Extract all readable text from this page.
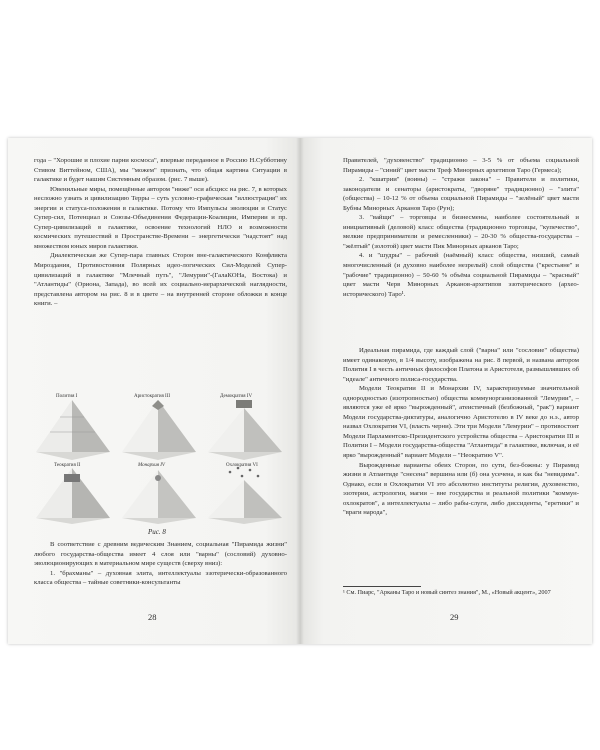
года – "Хорошие и плохие парни космоса", впервые переданное в Россию Н.Субботину Стивом Виттейном, США), мы "можем" признать, что общая картина Ситуации в галактике и будет нашим Системным образом. (рис. 7 выше).

Ювенильные миры, помещённые автором "ниже" оси абсцисс на рис. 7, в которых несложно узнать и цивилизацию Терры – суть условно-графическая "иллюстрация" их энергии и статуса-положения в галактике. Потому что Импульсы эволюции и Статус Супер-сил, Потенциал и Союзы-Объединения Федерации-Коалиции, Империи и пр. Супер-цивилизаций в галактике, освоение технологий НЛО и возможности космических путешествий в Пространстве-Времени – энергетически "надстоят" над множеством юных миров галактики.

Диалектическая же Супер-пара главных Сторон вне-галактического Конфликта Мироздания, Противостояния Полярных идео-логических Сил-Моделей Супер-цивилизаций в галактике "Млечный путь", "Лемурии"-(ГалаКОНа, Востока) и "Атлантиды" (Ориона, Запада), во всей их социально-иерархической наглядности, представлена автором на рис. 8 и в цвете – на внутренней стороне обложки в конце книги. –

Полития I	Аристократия III	Демократия IV
Теократия II	Монархия IV	Охлократия VI
Рис. 8

В соответствие с древним ведическим Знанием, социальная "Пирамида жизни" любого государства-общества имеет 4 слоя или "варны" (сословий) духовно-эволюционирующих в материальном мире существ (сверху вниз):

1. "брахманы" – духовная элита, интеллектуалы эзотерически-образованного класса общества – тайные советники-консультанты

28

Правителей, "духовенство" традиционно – 3-5 % от объема социальной Пирамиды – "синий" цвет масти Треф Минорных архетипов Таро (Гермеса);

2. "кшатрии" (воины) – "стражи закона" – Правители и политики, законодатели и сенаторы (аристократы, "дворяне" традиционно) – "элита" (общества) – 10-12 % от объема социальной Пирамиды – "зелёный" цвет масти Бубны Минорных Арканов Таро (Рун);

3. "вайщи" – торговцы и бизнесмены, наиболее состоятельный и инициативный (деловой) класс общества (традиционно торговцы, "купечество", мелкие предприниматели и ремесленники) – 20-30 % общества-государства – "жёлтый" (золотой) цвет масти Пик Минорных арканов Таро;

4. и "шудры" – рабочий (наёмный) класс общества, низший, самый многочисленный (и духовно наиболее незрелый) слой общества ("крестьяне" и "рабочие" традиционно) – 50-60 % объёма социальной Пирамиды – "красный" цвет масти Черв Минорных Арканов-архетипов эзотерического (архео-исторического) Таро¹.

Идеальная пирамида, где каждый слой ("варна" или "сословие" общества) имеет одинаковую, в 1/4 высоту, изображена на рис. 8 первой, и названа автором Полития I в честь античных философов Платона и Аристотеля, размышлявших об "идеале" античного полиса-государства.

Модели Теократии II и Монархии IV, характеризуемые значительной однородностью (изотропностью) общества коммунорганизованной "Лемурии", – являются уже её ярко "вырожденный", атеистичный (безбожный, "рак") вариант Модели государства-диктатуры, аналогично Аристотелю в IV веке до н.э., автор назвал Охлократия VI, (власть черни). Эти три Модели "Лемурии" – противостоят Модели Парламентско-Президентского устройства общества – Аристократии III и Политии I – Модели государства-общества "Атлантида" в галактике, включая, и её ярко "вырожденный" вариант Модели – "Неократию V".

Вырожденные варианты обеих Сторон, по сути, без-божны: у Пирамид жизни в Атлантиде "снесена" вершина или (б) она усечена, и как бы "невидима". Однако, если в Охлократии VI это абсолютно институты религии, духовенство, эзотерии, астрологии, магии – вне государства и реальной политики "коммун-охлократов", а интеллектуалы – либо рабы-слуги, либо диссиденты, "еретики" и "враги народа",

¹ См. Пиарс, "Арканы Таро и новый синтез знания", М., «Новый акцент», 2007

29
